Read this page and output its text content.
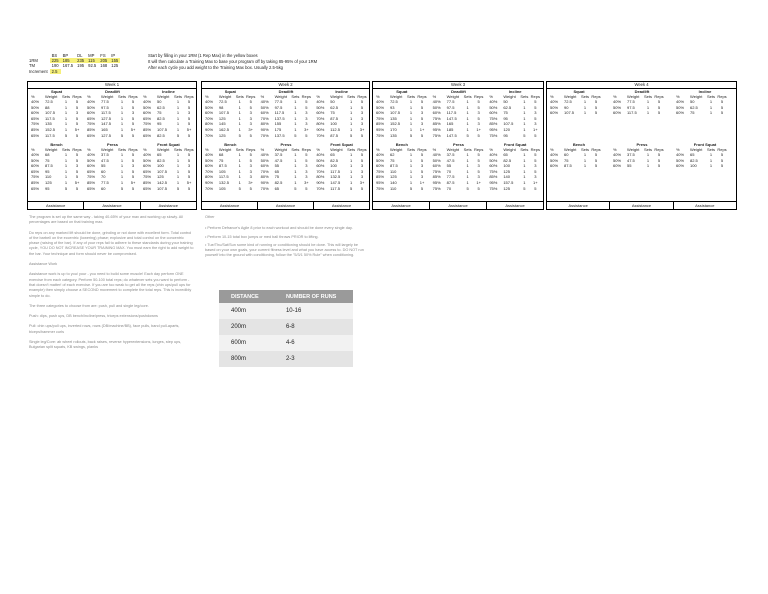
	BS	BP	DL	MP	FS	IP
1RM	225	185	235	115	205	155
TM	190	167.5	195	92.5	168	125
Increment	2.5					
Start by filling in your 1RM (1 Rep Max) in the yellow boxes
It will then calculate a Training Max to base your program off by taking 85-95% of your 1RM
After each cycle you add weight to the Training Max box. Usually 2.5-5kg
Week 1
Squat
%	Weight	Sets Reps
40%	72.5	1	5
50%	88	1	5
60%	107.5	1	3
65%	117.5	1	5
75%	135	1	5
85%	152.5	1	5+
65%	117.5	5	5
Deadlift
%	Weight	Sets Reps
40%	77.5	1	5
50%	97.5	1	5
60%	117.5	1	3
65%	127.5	1	5
75%	147.5	1	5
85%	165	1	5+
65%	127.5	5	5
Incline
%	Weight	Sets Reps
40%	50	1	5
50%	62.5	1	5
60%	75	1	3
65%	82.5	1	5
75%	95	1	5
85%	107.5	1	5+
65%	82.5	5	5
Bench
%	Weight	Sets Reps
40%	68	1	5
50%	75	1	5
60%	87.5	1	3
65%	95	1	5
75%	110	1	5
85%	125	1	5+
65%	95	5	5
Press
%	Weight	Sets Reps
40%	37.5	1	5
50%	47.5	1	5
60%	55	1	3
65%	60	1	5
75%	70	1	5
85%	77.5	1	5+
65%	60	5	5
Front Squat
%	Weight	Sets Reps
40%	65	1	5
50%	82.5	1	5
60%	100	1	3
65%	107.5	1	5
75%	125	1	5
85%	142.5	1	5+
65%	107.5	5	5
Assistance	Assistance	Assistance
Week 2
Squat
%	Weight	Sets Reps
40%	72.5	1	5
50%	98	1	5
60%	107.5	1	3
70%	125	1	3
80%	145	1	3
90%	162.5	1	3+
70%	125	5	5
Deadlift
%	Weight	Sets Reps
40%	77.5	1	5
50%	97.5	1	5
60%	117.5	1	3
70%	137.5	1	3
80%	155	1	3
90%	175	1	3+
70%	137.5	5	5
Incline
%	Weight	Sets Reps
40%	50	1	5
50%	62.5	1	5
60%	75	1	3
70%	87.5	1	3
80%	100	1	3
90%	112.5	1	3+
70%	87.5	5	5
Bench
%	Weight	Sets Reps
40%	68	1	5
50%	75	1	5
60%	87.5	1	3
70%	105	1	3
80%	117.5	1	3
90%	132.5	1	3+
70%	105	5	5
Press
%	Weight	Sets Reps
40%	37.5	1	5
50%	47.5	1	5
60%	55	1	3
70%	65	1	3
80%	75	1	3
90%	82.5	1	3+
70%	65	5	5
Front Squat
%	Weight	Sets Reps
40%	65	1	5
50%	82.5	1	5
60%	100	1	3
70%	117.5	1	3
80%	132.5	1	3
90%	147.5	1	3+
70%	117.5	5	5
Assistance	Assistance	Assistance
Week 3
Squat
%	Weight	Sets Reps
40%	72.5	1	5
50%	93	1	5
60%	107.5	1	3
75%	135	1	5
85%	152.5	1	3
95%	170	1	1+
75%	135	5	5
Deadlift
%	Weight	Sets Reps
40%	77.5	1	5
50%	97.5	1	5
60%	117.5	1	3
75%	147.5	1	5
85%	165	1	3
95%	185	1	1+
75%	147.5	5	5
Incline
%	Weight	Sets Reps
40%	50	1	5
50%	62.5	1	5
60%	75	1	3
75%	95	1	5
85%	107.5	1	3
95%	120	1	1+
75%	95	5	5
Bench
%	Weight	Sets Reps
40%	62	1	5
50%	75	1	5
60%	87.5	1	3
75%	110	1	5
85%	125	1	3
95%	140	1	1+
75%	110	5	5
Press
%	Weight	Sets Reps
40%	37.5	1	5
50%	47.5	1	5
60%	55	1	3
75%	70	1	5
85%	77.5	1	3
95%	87.5	1	1+
75%	70	5	5
Front Squat
%	Weight	Sets Reps
40%	65	1	5
50%	82.5	1	5
60%	100	1	3
75%	125	1	5
85%	140	1	3
95%	157.5	1	1+
75%	125	5	5
Assistance	Assistance	Assistance
Week 4
Squat
%	Weight	Sets Reps
40%	72.5	1	5
50%	90	1	5
60%	107.5	1	5
Deadlift
%	Weight	Sets Reps
40%	77.5	1	5
50%	97.5	1	5
60%	117.5	1	5
Incline
%	Weight	Sets Reps
40%	50	1	5
50%	62.5	1	5
60%	75	1	5
Bench
%	Weight	Sets Reps
40%	60	1	5
50%	75	1	5
60%	87.5	1	5
Press
%	Weight	Sets Reps
40%	37.5	1	5
50%	47.5	1	5
60%	55	1	5
Front Squat
%	Weight	Sets Reps
40%	65	1	5
50%	82.5	1	5
60%	100	1	5
Assistance	Assistance	Assistance

The program is set up the same way - taking 40-65% of your max and working up slowly. All percentages are based on that training max.

Do reps on any marked lift should be done, grinding or not done with excellent form. Total control of the barbell on the eccentric (lowering) phase; explosive and total control on the concentric phase (raising of the bar). If any of your reps fail to adhere to these standards during your training cycle, YOU DO NOT INCREASE YOUR TRAINING MAX. You must earn the right to add weight to the bar. Your technique and form should never be compromised.

Assistance Work

Assistance work is up to you/ your - you need to build some muscle! Each day perform ONE exercise from each category. Perform 50-100 total reps; do whatever sets you want to perform - that doesn't matter! of each exercise. If you are too weak to get all the reps (chin ups/pull ups for example) then simply choose a SECOND movement to complete the total reps. This is incredibly simple to do.

The three categories to choose from are: push, pull and single leg/core.

Push: dips, push ups, DB bench/incline/press, triceps extensions/pushdowns

Pull: chin ups/pull ups, inverted rows, rows (DB/machine/BB), face pulls, band pull-aparts, biceps/hammer curls

Single leg/Core: ab wheel rollouts, back raises, reverse hyperextensions, lunges, step ups, Bulgarian split squats, KB swings, planks

Other
• Perform Defrance's Agile 8 prior to each workout and should be done every single day.
• Perform 10-15 total box jumps or med ball throws PRIOR to lifting.
• Tue/Thu/Sat/Sun some kind of running or conditioning should be done. This will largely be based on your own goals, your current fitness level and what you have access to. DO NOT run yourself into the ground with conditioning, follow the "5/3/1 50% Rule" when conditioning.
DISTANCE	NUMBER OF RUNS
400m	10-16
200m	6-8
600m	4-6
800m	2-3
